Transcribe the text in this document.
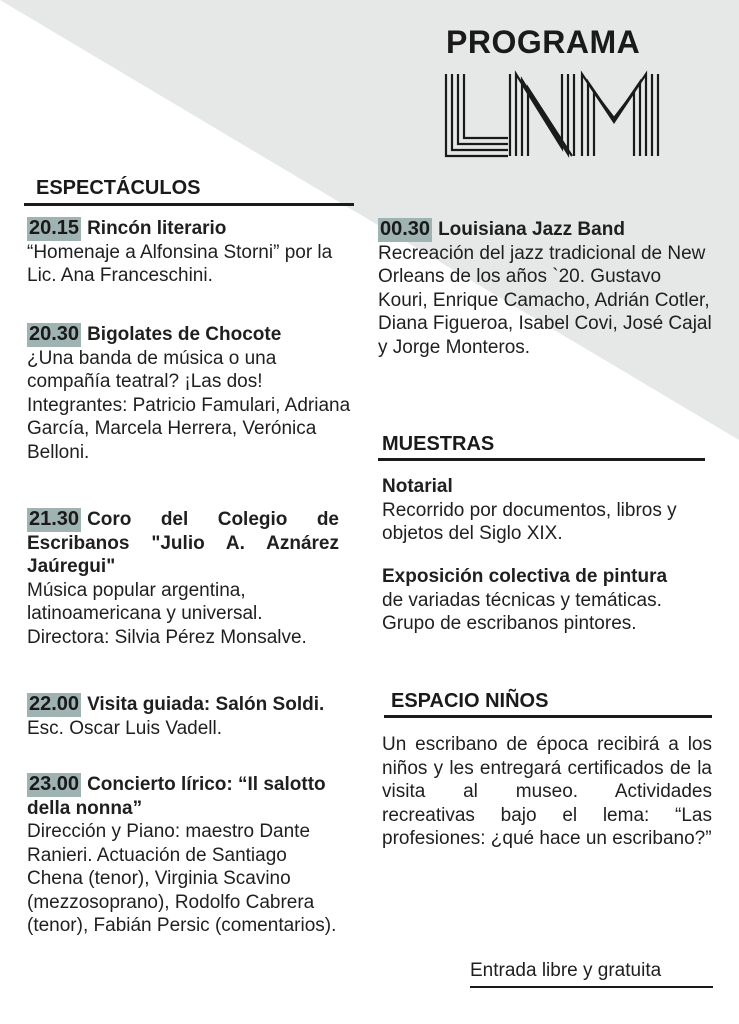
PROGRAMA
ESPECTÁCULOS
20.15 Rincón literario
“Homenaje a Alfonsina Storni” por la Lic. Ana Franceschini.
20.30 Bigolates de Chocote
¿Una banda de música o una compañía teatral? ¡Las dos! Integrantes: Patricio Famulari, Adriana García, Marcela Herrera, Verónica Belloni.
21.30 Coro del Colegio de Escribanos "Julio A. Aznárez Jaúregui"
Música popular argentina, latinoamericana y universal. Directora: Silvia Pérez Monsalve.
22.00 Visita guiada: Salón Soldi. Esc. Oscar Luis Vadell.
23.00 Concierto lírico: “Il salotto della nonna”
Dirección y Piano: maestro Dante Ranieri. Actuación de Santiago Chena (tenor), Virginia Scavino (mezzosoprano), Rodolfo Cabrera (tenor), Fabián Persic (comentarios).
00.30 Louisiana Jazz Band
Recreación del jazz tradicional de New Orleans de los años `20. Gustavo Kouri, Enrique Camacho, Adrián Cotler, Diana Figueroa, Isabel Covi, José Cajal y Jorge Monteros.
MUESTRAS
Notarial
Recorrido por documentos, libros y objetos del Siglo XIX.
Exposición colectiva de pintura
de variadas técnicas y temáticas. Grupo de escribanos pintores.
ESPACIO NIÑOS
Un escribano de época recibirá a los niños y les entregará certificados de la visita al museo. Actividades recreativas bajo el lema: “Las profesiones: ¿qué hace un escribano?”
Entrada libre y gratuita
